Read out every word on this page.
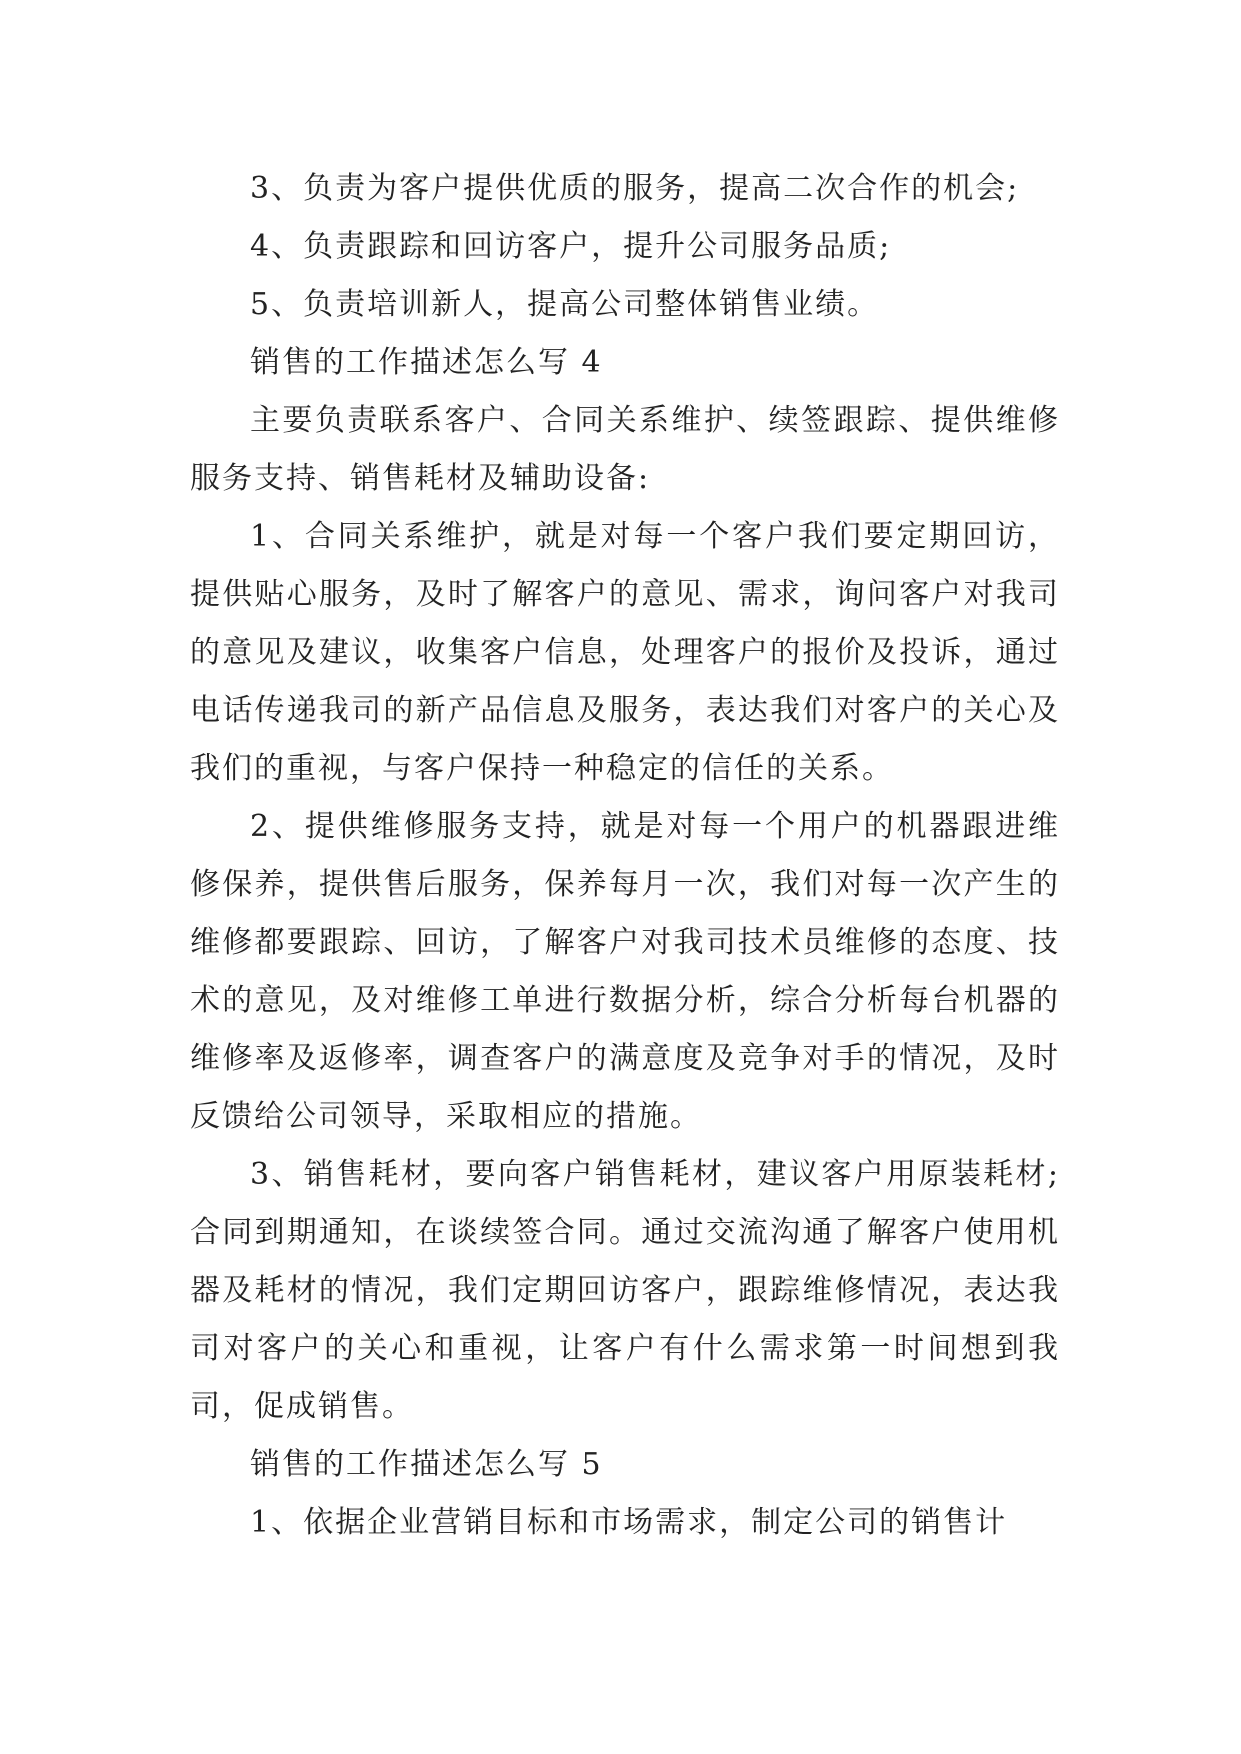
3、负责为客户提供优质的服务，提高二次合作的机会;

4、负责跟踪和回访客户，提升公司服务品质;

5、负责培训新人，提高公司整体销售业绩。

销售的工作描述怎么写 4

主要负责联系客户、合同关系维护、续签跟踪、提供维修服务支持、销售耗材及辅助设备:

1、合同关系维护，就是对每一个客户我们要定期回访，提供贴心服务，及时了解客户的意见、需求，询问客户对我司的意见及建议，收集客户信息，处理客户的报价及投诉，通过电话传递我司的新产品信息及服务，表达我们对客户的关心及我们的重视，与客户保持一种稳定的信任的关系。

2、提供维修服务支持，就是对每一个用户的机器跟进维修保养，提供售后服务，保养每月一次，我们对每一次产生的维修都要跟踪、回访，了解客户对我司技术员维修的态度、技术的意见，及对维修工单进行数据分析，综合分析每台机器的维修率及返修率，调查客户的满意度及竞争对手的情况，及时反馈给公司领导，采取相应的措施。

3、销售耗材，要向客户销售耗材，建议客户用原装耗材;合同到期通知，在谈续签合同。通过交流沟通了解客户使用机器及耗材的情况，我们定期回访客户，跟踪维修情况，表达我司对客户的关心和重视，让客户有什么需求第一时间想到我司，促成销售。

销售的工作描述怎么写 5

1、依据企业营销目标和市场需求，制定公司的销售计
